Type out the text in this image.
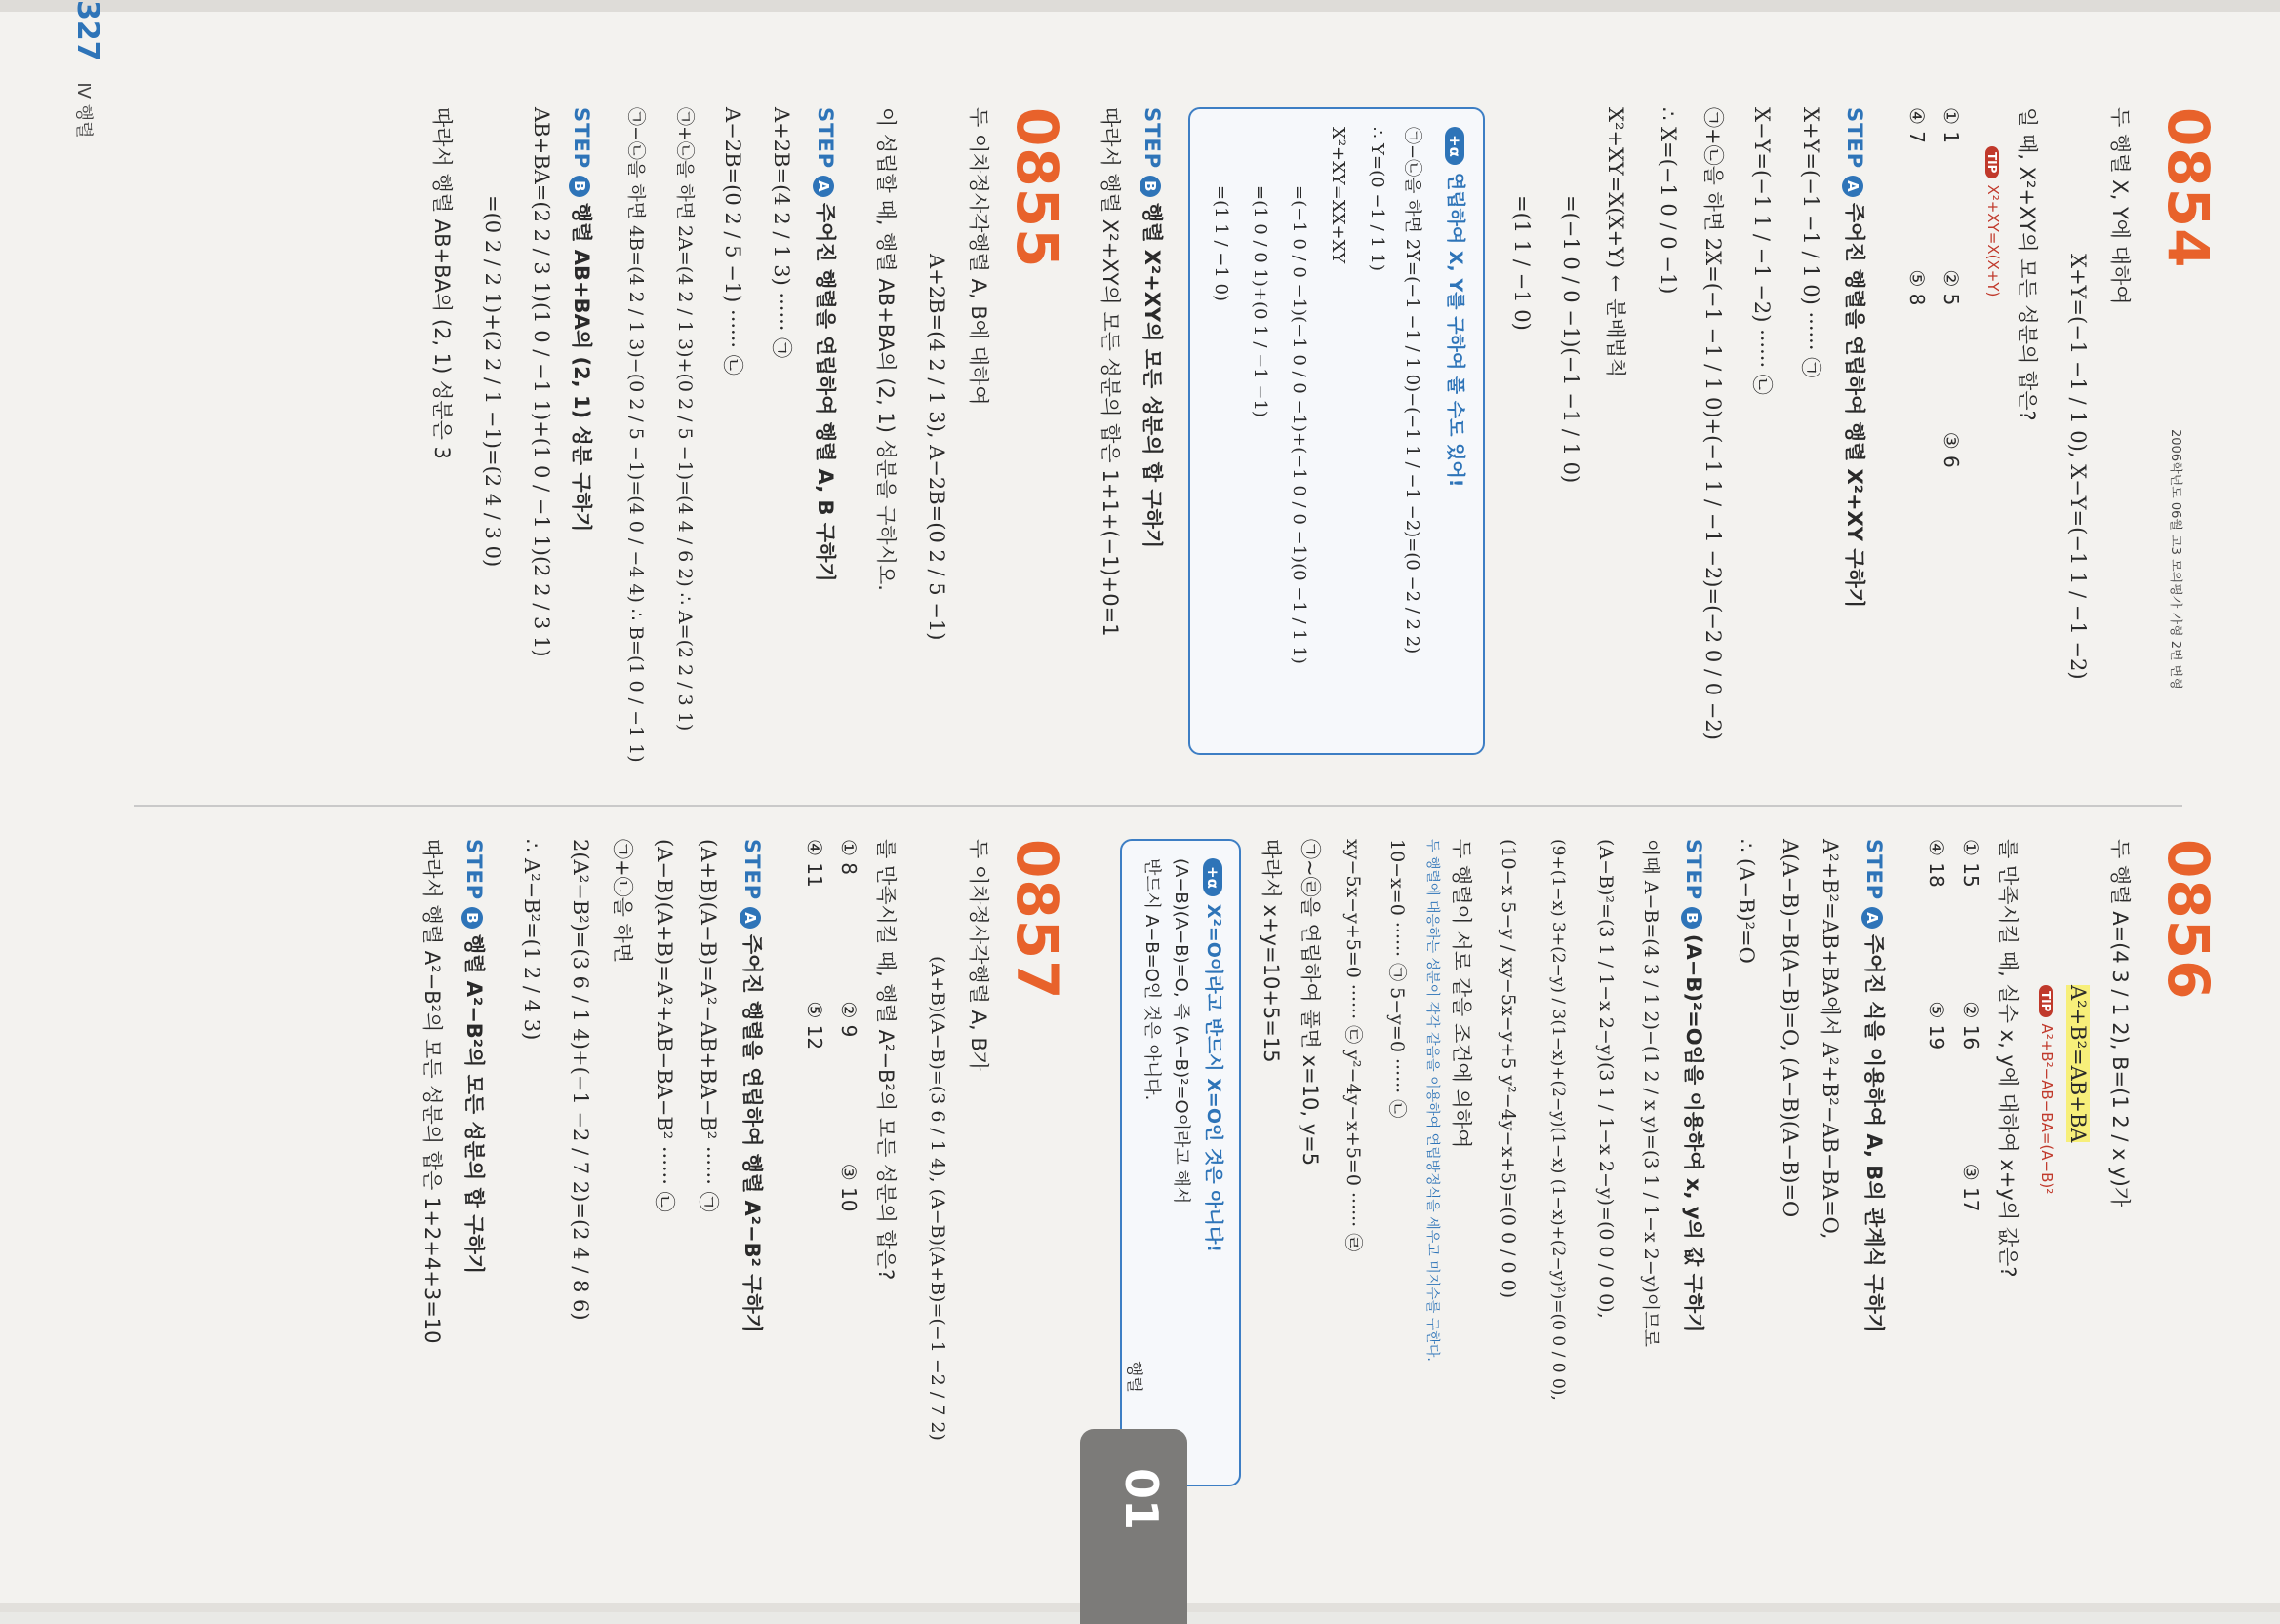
0854
2006학년도 06월 고3 모의평가 가형 2번 변형
두 행렬 X, Y에 대하여
X+Y=(−1 −1 / 1 0), X−Y=(−1 1 / −1 −2)
일 때, X²+XY의 모든 성분의 합은?
TIPX²+XY=X(X+Y)
① 1 ② 5 ③ 6
④ 7 ⑤ 8
STEP A주어진 행렬을 연립하여 행렬 X²+XY 구하기
X+Y=(−1 −1 / 1 0) ······ ㉠
X−Y=(−1 1 / −1 −2) ······ ㉡
㉠+㉡을 하면 2X=(−1 −1 / 1 0)+(−1 1 / −1 −2)=(−2 0 / 0 −2)
∴ X=(−1 0 / 0 −1)
X²+XY=X(X+Y) ← 분배법칙
=(−1 0 / 0 −1)(−1 −1 / 1 0)
=(1 1 / −1 0)
+α연립하여 X, Y를 구하여 풀 수도 있어!
㉠−㉡을 하면 2Y=(−1 −1 / 1 0)−(−1 1 / −1 −2)=(0 −2 / 2 2)
∴ Y=(0 −1 / 1 1)
X²+XY=XX+XY
=(−1 0 / 0 −1)(−1 0 / 0 −1)+(−1 0 / 0 −1)(0 −1 / 1 1)
=(1 0 / 0 1)+(0 1 / −1 −1)
=(1 1 / −1 0)
STEP B행렬 X²+XY의 모든 성분의 합 구하기
따라서 행렬 X²+XY의 모든 성분의 합은 1+1+(−1)+0=1
0855
두 이차정사각행렬 A, B에 대하여
A+2B=(4 2 / 1 3), A−2B=(0 2 / 5 −1)
이 성립할 때, 행렬 AB+BA의 (2, 1) 성분을 구하시오.
STEP A주어진 행렬을 연립하여 행렬 A, B 구하기
A+2B=(4 2 / 1 3) ······ ㉠
A−2B=(0 2 / 5 −1) ······ ㉡
㉠+㉡을 하면 2A=(4 2 / 1 3)+(0 2 / 5 −1)=(4 4 / 6 2) ∴ A=(2 2 / 3 1)
㉠−㉡을 하면 4B=(4 2 / 1 3)−(0 2 / 5 −1)=(4 0 / −4 4) ∴ B=(1 0 / −1 1)
STEP B행렬 AB+BA의 (2, 1) 성분 구하기
AB+BA=(2 2 / 3 1)(1 0 / −1 1)+(1 0 / −1 1)(2 2 / 3 1)
=(0 2 / 2 1)+(2 2 / 1 −1)=(2 4 / 3 0)
따라서 행렬 AB+BA의 (2, 1) 성분은 3
0856
두 행렬 A=(4 3 / 1 2), B=(1 2 / x y)가
A²+B²=AB+BA
TIPA²+B²−AB−BA=(A−B)²
를 만족시킬 때, 실수 x, y에 대하여 x+y의 값은?
① 15 ② 16 ③ 17
④ 18 ⑤ 19
STEP A주어진 식을 이용하여 A, B의 관계식 구하기
A²+B²=AB+BA에서 A²+B²−AB−BA=O,
A(A−B)−B(A−B)=O, (A−B)(A−B)=O
∴ (A−B)²=O
STEP B(A−B)²=O임을 이용하여 x, y의 값 구하기
이때 A−B=(4 3 / 1 2)−(1 2 / x y)=(3 1 / 1−x 2−y)이므로
(A−B)²=(3 1 / 1−x 2−y)(3 1 / 1−x 2−y)=(0 0 / 0 0),
(9+(1−x) 3+(2−y) / 3(1−x)+(2−y)(1−x) (1−x)+(2−y)²)=(0 0 / 0 0),
(10−x 5−y / xy−5x−y+5 y²−4y−x+5)=(0 0 / 0 0)
두 행렬이 서로 같을 조건에 의하여
두 행렬에 대응하는 성분이 각각 같음을 이용하여 연립방정식을 세우고 미지수를 구한다.
10−x=0 ······ ㉠ 5−y=0 ······ ㉡
xy−5x−y+5=0 ······ ㉢ y²−4y−x+5=0 ······ ㉣
㉠~㉣을 연립하여 풀면 x=10, y=5
따라서 x+y=10+5=15
+αX²=O이라고 반드시 X=O인 것은 아니다!
(A−B)(A−B)=O, 즉 (A−B)²=O이라고 해서
반드시 A−B=O인 것은 아니다.
0857
두 이차정사각행렬 A, B가
(A+B)(A−B)=(3 6 / 1 4), (A−B)(A+B)=(−1 −2 / 7 2)
를 만족시킬 때, 행렬 A²−B²의 모든 성분의 합은?
① 8 ② 9 ③ 10
④ 11 ⑤ 12
STEP A주어진 행렬을 연립하여 행렬 A²−B² 구하기
(A+B)(A−B)=A²−AB+BA−B² ······ ㉠
(A−B)(A+B)=A²+AB−BA−B² ······ ㉡
㉠+㉡을 하면
2(A²−B²)=(3 6 / 1 4)+(−1 −2 / 7 2)=(2 4 / 8 6)
∴ A²−B²=(1 2 / 4 3)
STEP B행렬 A²−B²의 모든 성분의 합 구하기
따라서 행렬 A²−B²의 모든 성분의 합은 1+2+4+3=10
01
행렬
327 Ⅳ 행렬
